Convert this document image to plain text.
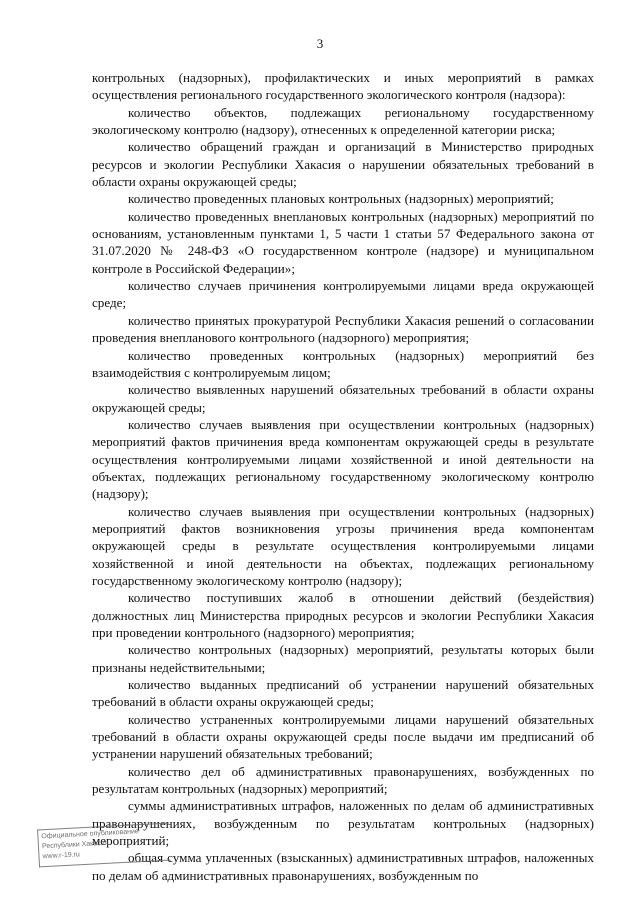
3

контрольных (надзорных), профилактических и иных мероприятий в рамках осуществления регионального государственного экологического контроля (надзора):

количество объектов, подлежащих региональному государственному экологическому контролю (надзору), отнесенных к определенной категории риска;

количество обращений граждан и организаций в Министерство природных ресурсов и экологии Республики Хакасия о нарушении обязательных требований в области охраны окружающей среды;

количество проведенных плановых контрольных (надзорных) мероприятий;

количество проведенных внеплановых контрольных (надзорных) мероприятий по основаниям, установленным пунктами 1, 5 части 1 статьи 57 Федерального закона от 31.07.2020 № 248-ФЗ «О государственном контроле (надзоре) и муниципальном контроле в Российской Федерации»;

количество случаев причинения контролируемыми лицами вреда окружающей среде;

количество принятых прокуратурой Республики Хакасия решений о согласовании проведения внепланового контрольного (надзорного) мероприятия;

количество проведенных контрольных (надзорных) мероприятий без взаимодействия с контролируемым лицом;

количество выявленных нарушений обязательных требований в области охраны окружающей среды;

количество случаев выявления при осуществлении контрольных (надзорных) мероприятий фактов причинения вреда компонентам окружающей среды в результате осуществления контролируемыми лицами хозяйственной и иной деятельности на объектах, подлежащих региональному государственному экологическому контролю (надзору);

количество случаев выявления при осуществлении контрольных (надзорных) мероприятий фактов возникновения угрозы причинения вреда компонентам окружающей среды в результате осуществления контролируемыми лицами хозяйственной и иной деятельности на объектах, подлежащих региональному государственному экологическому контролю (надзору);

количество поступивших жалоб в отношении действий (бездействия) должностных лиц Министерства природных ресурсов и экологии Республики Хакасия при проведении контрольного (надзорного) мероприятия;

количество контрольных (надзорных) мероприятий, результаты которых были признаны недействительными;

количество выданных предписаний об устранении нарушений обязательных требований в области охраны окружающей среды;

количество устраненных контролируемыми лицами нарушений обязательных требований в области охраны окружающей среды после выдачи им предписаний об устранении нарушений обязательных требований;

количество дел об административных правонарушениях, возбужденных по результатам контрольных (надзорных) мероприятий;

суммы административных штрафов, наложенных по делам об административных правонарушениях, возбужденным по результатам контрольных (надзорных) мероприятий;

общая сумма уплаченных (взысканных) административных штрафов, наложенных по делам об административных правонарушениях, возбужденным по

Официальное опубликование
Республики Хакасия
www.r-19.ru
